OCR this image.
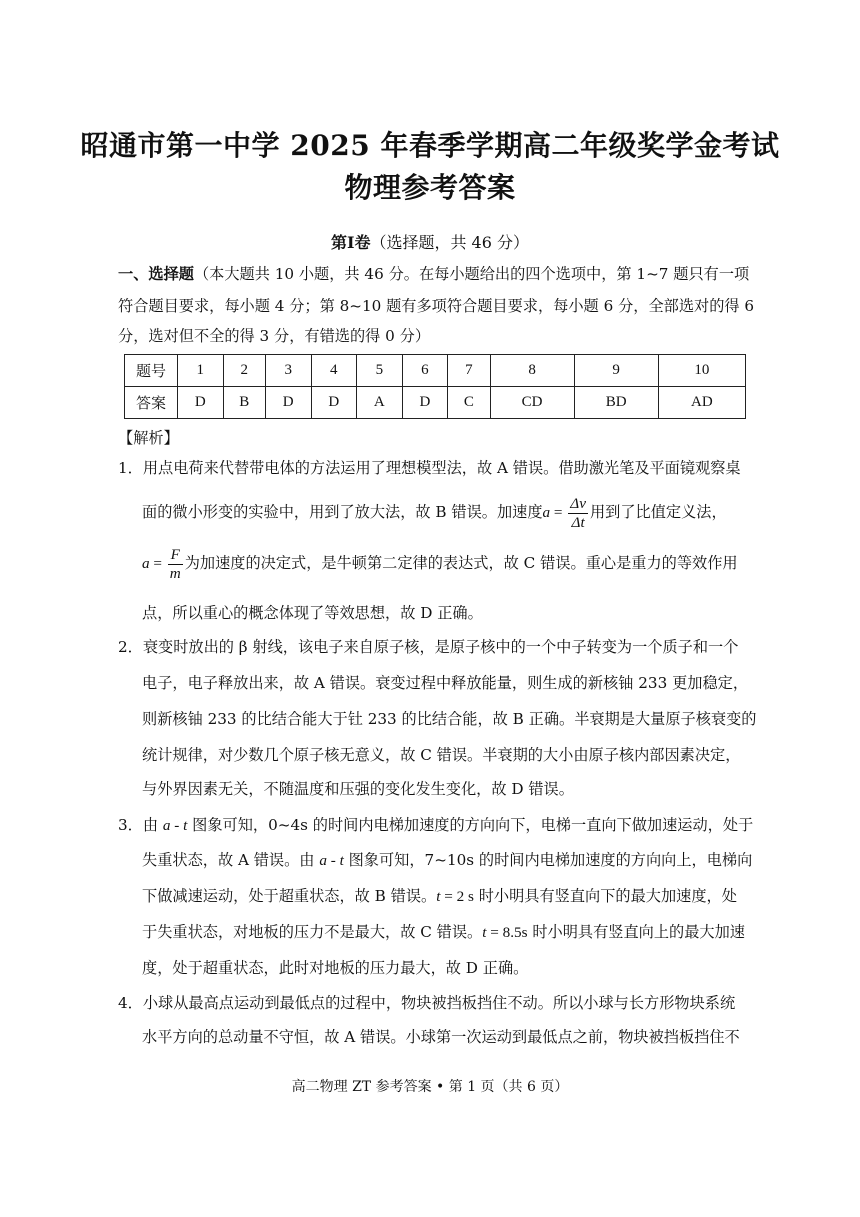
昭通市第一中学 2025 年春季学期高二年级奖学金考试
物理参考答案
第Ⅰ卷（选择题，共 46 分）
一、选择题（本大题共 10 小题，共 46 分。在每小题给出的四个选项中，第 1~7 题只有一项
符合题目要求，每小题 4 分；第 8~10 题有多项符合题目要求，每小题 6 分，全部选对的得 6
分，选对但不全的得 3 分，有错选的得 0 分）
题号	1	2	3	4	5	6	7	8	9	10
答案	D	B	D	D	A	D	C	CD	BD	AD
【解析】
1．用点电荷来代替带电体的方法运用了理想模型法，故 A 错误。借助激光笔及平面镜观察桌
面的微小形变的实验中，用到了放大法，故 B 错误。加速度$a = \frac{\Delta v}{\Delta t}$ 用到了比值定义法，
$a = \frac{F}{m}$ 为加速度的决定式，是牛顿第二定律的表达式，故 C 错误。重心是重力的等效作用
点，所以重心的概念体现了等效思想，故 D 正确。
2．衰变时放出的 β 射线，该电子来自原子核，是原子核中的一个中子转变为一个质子和一个
电子，电子释放出来，故 A 错误。衰变过程中释放能量，则生成的新核铀 233 更加稳定，
则新核铀 233 的比结合能大于钍 233 的比结合能，故 B 正确。半衰期是大量原子核衰变的
统计规律，对少数几个原子核无意义，故 C 错误。半衰期的大小由原子核内部因素决定，
与外界因素无关，不随温度和压强的变化发生变化，故 D 错误。
3．由 a - t 图象可知，0~4s 的时间内电梯加速度的方向向下，电梯一直向下做加速运动，处于
失重状态，故 A 错误。由 a - t 图象可知，7~10s 的时间内电梯加速度的方向向上，电梯向
下做减速运动，处于超重状态，故 B 错误。t = 2 s 时小明具有竖直向下的最大加速度，处
于失重状态，对地板的压力不是最大，故 C 错误。t = 8.5s 时小明具有竖直向上的最大加速
度，处于超重状态，此时对地板的压力最大，故 D 正确。
4．小球从最高点运动到最低点的过程中，物块被挡板挡住不动。所以小球与长方形物块系统
水平方向的总动量不守恒，故 A 错误。小球第一次运动到最低点之前，物块被挡板挡住不
高二物理 ZT 参考答案 • 第 1 页（共 6 页）
